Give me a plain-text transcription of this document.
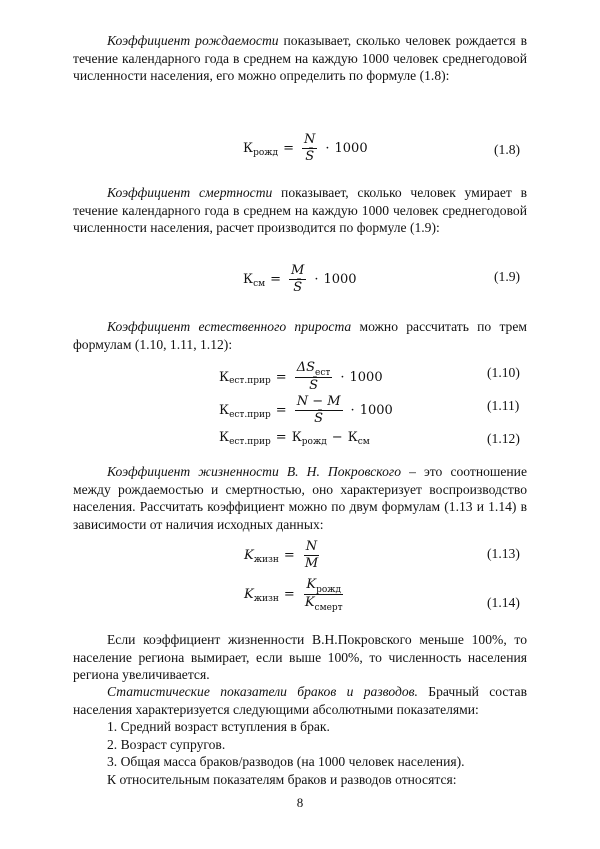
Коэффициент рождаемости показывает, сколько человек рождается в течение календарного года в среднем на каждую 1000 человек среднегодовой численности населения, его можно определить по формуле (1.8):

$К_{рожд} = \frac{N}{S̄} \cdot 1000$	(1.8)

Коэффициент смертности показывает, сколько человек умирает в течение календарного года в среднем на каждую 1000 человек среднегодовой численности населения, расчет производится по формуле (1.9):

$К_{см} = \frac{M}{S̄} \cdot 1000$	(1.9)

Коэффициент естественного прироста можно рассчитать по трем формулам (1.10, 1.11, 1.12):

$К_{ест.прир} = \frac{\Delta S_{ест}}{S̄} \cdot 1000$	(1.10)
$К_{ест.прир} = \frac{N - M}{S̄} \cdot 1000$	(1.11)
$К_{ест.прир} = К_{рожд} - К_{см}$	(1.12)

Коэффициент жизненности В. Н. Покровского – это соотношение между рождаемостью и смертностью, оно характеризует воспроизводство населения. Рассчитать коэффициент можно по двум формулам (1.13 и 1.14) в зависимости от наличия исходных данных:

$K_{жизн} = \frac{N}{M}$	(1.13)
$K_{жизн} = \frac{K_{рожд}}{K_{смерт}}$	(1.14)

Если коэффициент жизненности В.Н.Покровского меньше 100%, то население региона вымирает, если выше 100%, то численность населения региона увеличивается.

Статистические показатели браков и разводов. Брачный состав населения характеризуется следующими абсолютными показателями:

1. Средний возраст вступления в брак.

2. Возраст супругов.

3. Общая масса браков/разводов (на 1000 человек населения).

К относительным показателям браков и разводов относятся:

8
